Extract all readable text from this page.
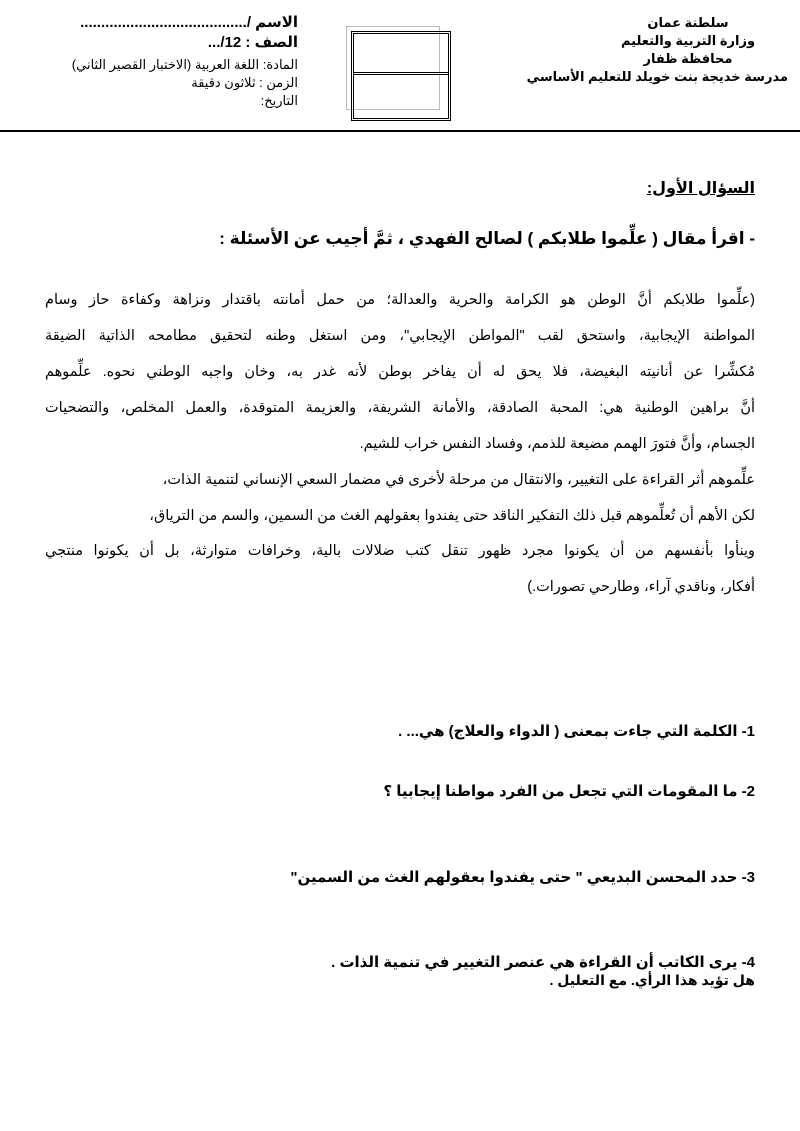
سلطنة عمان
وزارة التربية والتعليم
محافظة ظفار
مدرسة خديجة بنت خويلد للتعليم الأساسي
الاسم /........................................
الصف : 12/...
المادة: اللغة العربية (الاختبار القصير الثاني)
الزمن : ثلاثون دقيقة
التاريخ:
السؤال الأول:
- اقرأ مقال ( علِّموا طلابكم ) لصالح الفهدي ، ثمَّ أجيب عن الأسئلة :
(علِّموا طلابكم أنَّ الوطن هو الكرامة والحرية والعدالة؛ من حمل أمانته باقتدار ونزاهة وكفاءة حاز وسام
المواطنة الإيجابية، واستحق لقب "المواطن الإيجابي"، ومن استغل وطنه لتحقيق مطامحه الذاتية الضيقة
مُكشِّرا عن أنانيته البغيضة، فلا يحق له أن يفاخر بوطن لأنه غدر به، وخان واجبه الوطني نحوه. علِّموهم
أنَّ براهين الوطنية هي: المحبة الصادقة، والأمانة الشريفة، والعزيمة المتوقدة، والعمل المخلص، والتضحيات
الجسام، وأنَّ فتورَ الهمم مضيعة للذمم، وفساد النفس خراب للشيم.
علِّموهم أثر القراءة على التغيير، والانتقال من مرحلة لأخرى في مضمار السعي الإنساني لتنمية الذات،
لكن الأهم أن تُعلِّموهم قبل ذلك التفكير الناقد حتى يفندوا بعقولهم الغث من السمين، والسم من الترياق،
وينأوا بأنفسهم من أن يكونوا مجرد ظهور تنقل كتب ضلالات بالية، وخرافات متوارثة، بل أن يكونوا منتجي
أفكار، وناقدي آراء، وطارحي تصورات.)
1- الكلمة التي جاءت بمعنى ( الدواء والعلاج) هي... .
2- ما المقومات التي تجعل من الفرد مواطنا إيجابيا ؟
3- حدد المحسن البديعي " حتى يفندوا بعقولهم الغث من السمين"
4- يرى الكاتب أن القراءة هي عنصر التغيير في تنمية الذات .
هل تؤيد هذا الرأي. مع التعليل .
